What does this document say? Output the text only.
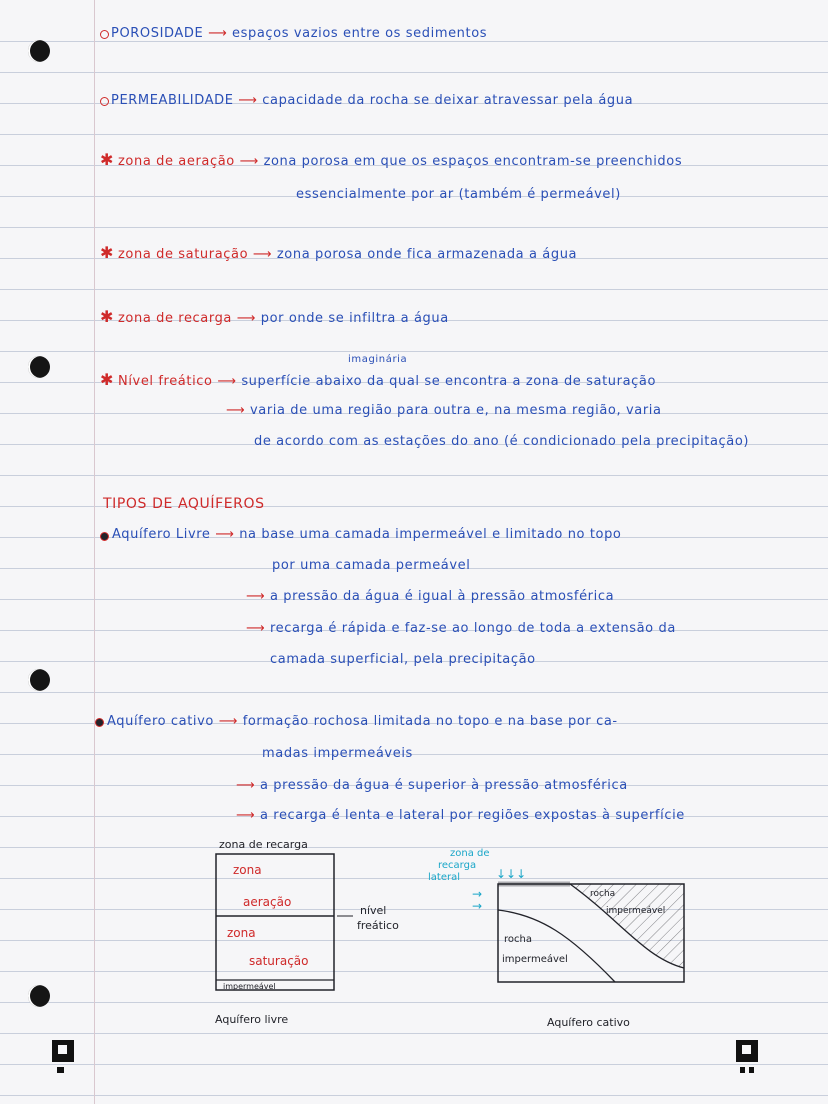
POROSIDADE ⟶ espaços vazios entre os sedimentos
PERMEABILIDADE ⟶ capacidade da rocha se deixar atravessar pela água
✱ zona de aeração ⟶ zona porosa em que os espaços encontram-se preenchidos
essencialmente por ar (também é permeável)
✱ zona de saturação ⟶ zona porosa onde fica armazenada a água
✱ zona de recarga ⟶ por onde se infiltra a água
imaginária
✱ Nível freático ⟶ superfície abaixo da qual se encontra a zona de saturação
⟶ varia de uma região para outra e, na mesma região, varia
de acordo com as estações do ano (é condicionado pela precipitação)
TIPOS DE AQUÍFEROS
Aquífero Livre ⟶ na base uma camada impermeável e limitado no topo
por uma camada permeável
⟶ a pressão da água é igual à pressão atmosférica
⟶ recarga é rápida e faz-se ao longo de toda a extensão da
camada superficial, pela precipitação
Aquífero cativo ⟶ formação rochosa limitada no topo e na base por ca-
madas impermeáveis
⟶ a pressão da água é superior à pressão atmosférica
⟶ a recarga é lenta e lateral por regiões expostas à superfície
zona de recarga
zona
aeração
zona
saturação
impermeável
nível
freático
Aquífero livre
zona de
recarga
lateral	↓↓↓
→
→
rocha
impermeável
rocha
impermeável
Aquífero cativo
